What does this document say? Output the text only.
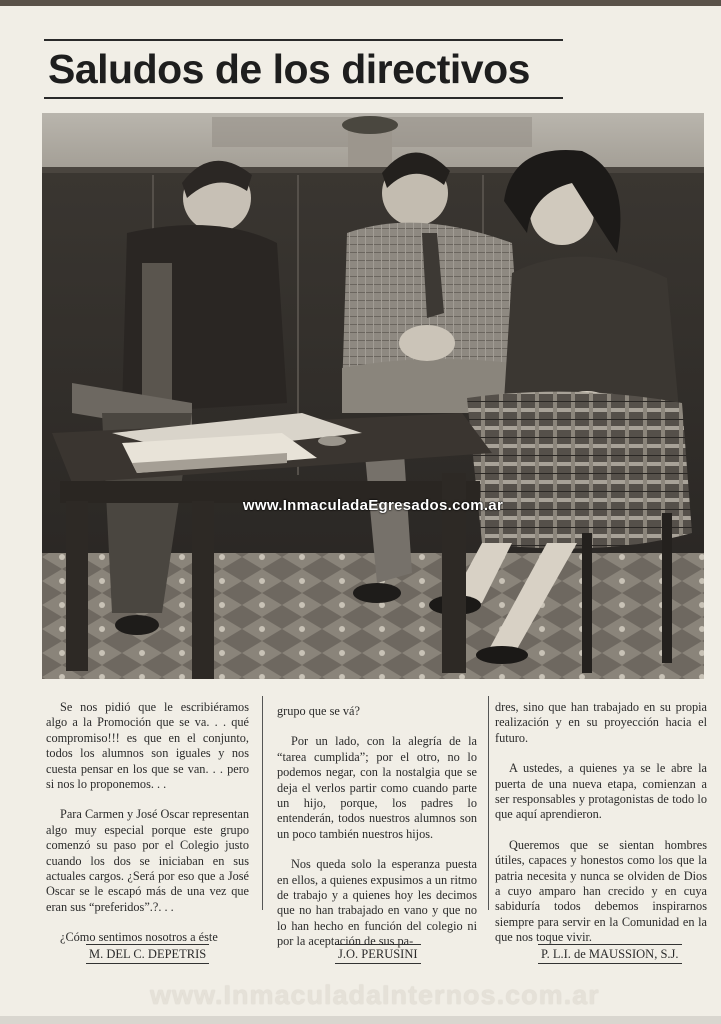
Saludos de los directivos
www.InmaculadaEgresados.com.ar

Se nos pidió que le escribiéramos algo a la Promoción que se va. . . qué compromiso!!! es que en el conjunto, todos los alumnos son iguales y nos cuesta pensar en los que se van. . . pero si nos lo proponemos. . .

Para Carmen y José Oscar representan algo muy especial porque este grupo comenzó su paso por el Colegio justo cuando los dos se iniciaban en sus actuales cargos. ¿Será por eso que a José Oscar se le escapó más de una vez que eran sus “preferidos”.?. . .

¿Cómo sentimos nosotros a éste

grupo que se vá?

Por un lado, con la alegría de la “tarea cumplida”; por el otro, no lo podemos negar, con la nostalgia que se deja el verlos partir como cuando parte un hijo, porque, los padres lo entenderán, todos nuestros alumnos son un poco también nuestros hijos.

Nos queda solo la esperanza puesta en ellos, a quienes expusimos a un ritmo de trabajo y a quienes hoy les decimos que no han trabajado en vano y que no lo han hecho en función del colegio ni por la aceptación de sus pa-

dres, sino que han trabajado en su propia realización y en su proyección hacia el futuro.

A ustedes, a quienes ya se le abre la puerta de una nueva etapa, comienzan a ser responsables y protagonistas de todo lo que aquí aprendieron.

Queremos que se sientan hombres útiles, capaces y honestos como los que la patria necesita y nunca se olviden de Dios a cuyo amparo han crecido y en cuya sabiduría todos debemos inspirarnos siempre para servir en la Comunidad en la que nos toque vivir.

M. DEL C. DEPETRIS	J.O. PERUSINI	P. L.I. de MAUSSION, S.J.
www.InmaculadaInternos.com.ar
